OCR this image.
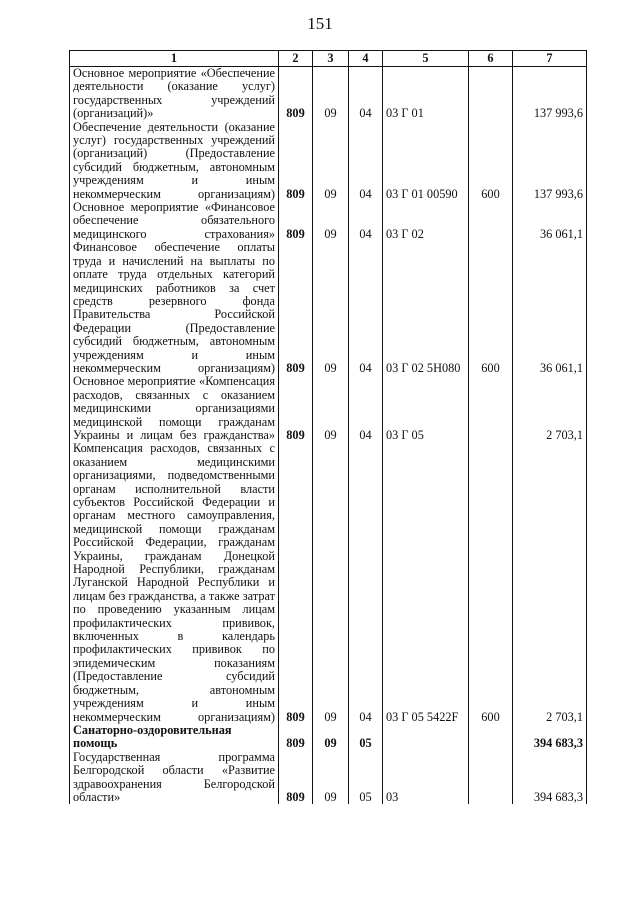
151
1	2	3	4	5	6	7
Основное мероприятие «Обеспечение деятельности (оказание услуг) государственных учреждений (организаций)»	809	09	04	03 Г 01		137 993,6
Обеспечение деятельности (оказание услуг) государственных учреждений (организаций) (Предоставление субсидий бюджетным, автономным учреждениям и иным некоммерческим организациям)	809	09	04	03 Г 01 00590	600	137 993,6
Основное мероприятие «Финансовое обеспечение обязательного медицинского страхования»	809	09	04	03 Г 02		36 061,1
Финансовое обеспечение оплаты труда и начислений на выплаты по оплате труда отдельных категорий медицинских работников за счет средств резервного фонда Правительства Российской Федерации (Предоставление субсидий бюджетным, автономным учреждениям и иным некоммерческим организациям)	809	09	04	03 Г 02 5Н080	600	36 061,1
Основное мероприятие «Компенсация расходов, связанных с оказанием медицинскими организациями медицинской помощи гражданам Украины и лицам без гражданства»	809	09	04	03 Г 05		2 703,1
Компенсация расходов, связанных с оказанием медицинскими организациями, подведомственными органам исполнительной власти субъектов Российской Федерации и органам местного самоуправления, медицинской помощи гражданам Российской Федерации, гражданам Украины, гражданам Донецкой Народной Республики, гражданам Луганской Народной Республики и лицам без гражданства, а также затрат по проведению указанным лицам профилактических прививок, включенных в календарь профилактических прививок по эпидемическим показаниям (Предоставление субсидий бюджетным, автономным учреждениям и иным некоммерческим организациям)	809	09	04	03 Г 05 5422F	600	2 703,1
Санаторно-оздоровительная помощь	809	09	05			394 683,3
Государственная программа Белгородской области «Развитие здравоохранения Белгородской области»	809	09	05	03		394 683,3
